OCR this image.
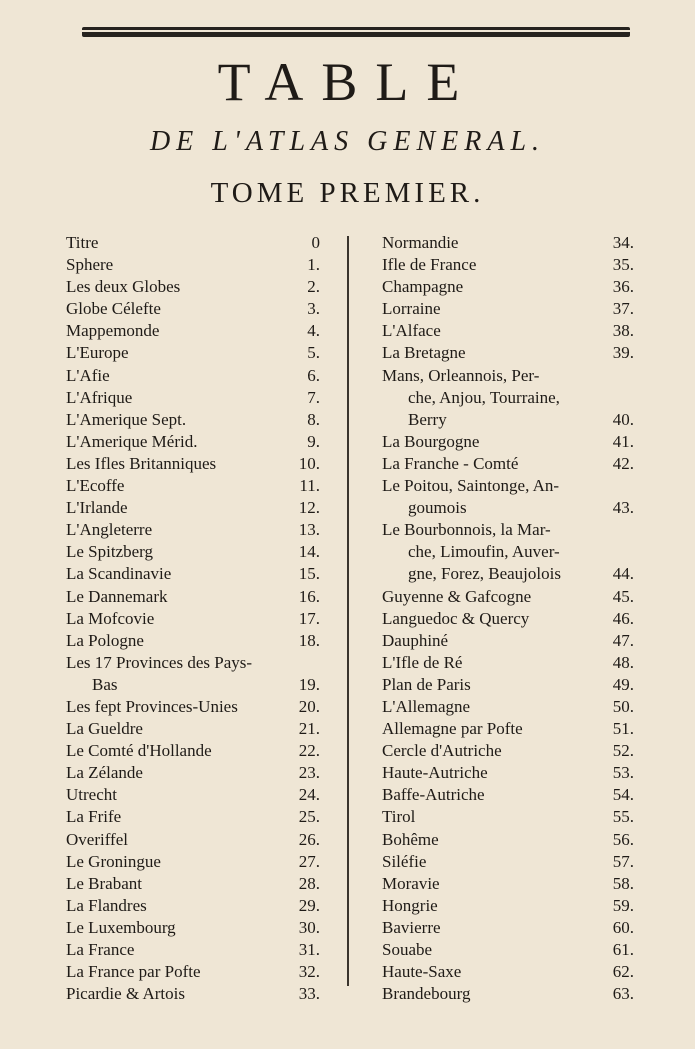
TABLE
DE L'ATLAS GENERAL.
TOME PREMIER.
Titre	0
Sphere	1.
Les deux Globes	2.
Globe Célefte	3.
Mappemonde	4.
L'Europe	5.
L'Afie	6.
L'Afrique	7.
L'Amerique Sept.	8.
L'Amerique Mérid.	9.
Les Ifles Britanniques	10.
L'Ecoffe	11.
L'Irlande	12.
L'Angleterre	13.
Le Spitzberg	14.
La Scandinavie	15.
Le Dannemark	16.
La Mofcovie	17.
La Pologne	18.
Les 17 Provinces des Pays-
Bas	19.
Les fept Provinces-Unies	20.
La Gueldre	21.
Le Comté d'Hollande	22.
La Zélande	23.
Utrecht	24.
La Frife	25.
Overiffel	26.
Le Groningue	27.
Le Brabant	28.
La Flandres	29.
Le Luxembourg	30.
La France	31.
La France par Pofte	32.
Picardie & Artois	33.
Normandie	34.
Ifle de France	35.
Champagne	36.
Lorraine	37.
L'Alface	38.
La Bretagne	39.
Mans, Orleannois, Per-
che, Anjou, Tourraine,
Berry	40.
La Bourgogne	41.
La Franche - Comté	42.
Le Poitou, Saintonge, An-
goumois	43.
Le Bourbonnois, la Mar-
che, Limoufin, Auver-
gne, Forez, Beaujolois	44.
Guyenne & Gafcogne	45.
Languedoc & Quercy	46.
Dauphiné	47.
L'Ifle de Ré	48.
Plan de Paris	49.
L'Allemagne	50.
Allemagne par Pofte	51.
Cercle d'Autriche	52.
Haute-Autriche	53.
Baffe-Autriche	54.
Tirol	55.
Bohême	56.
Siléfie	57.
Moravie	58.
Hongrie	59.
Bavierre	60.
Souabe	61.
Haute-Saxe	62.
Brandebourg	63.
